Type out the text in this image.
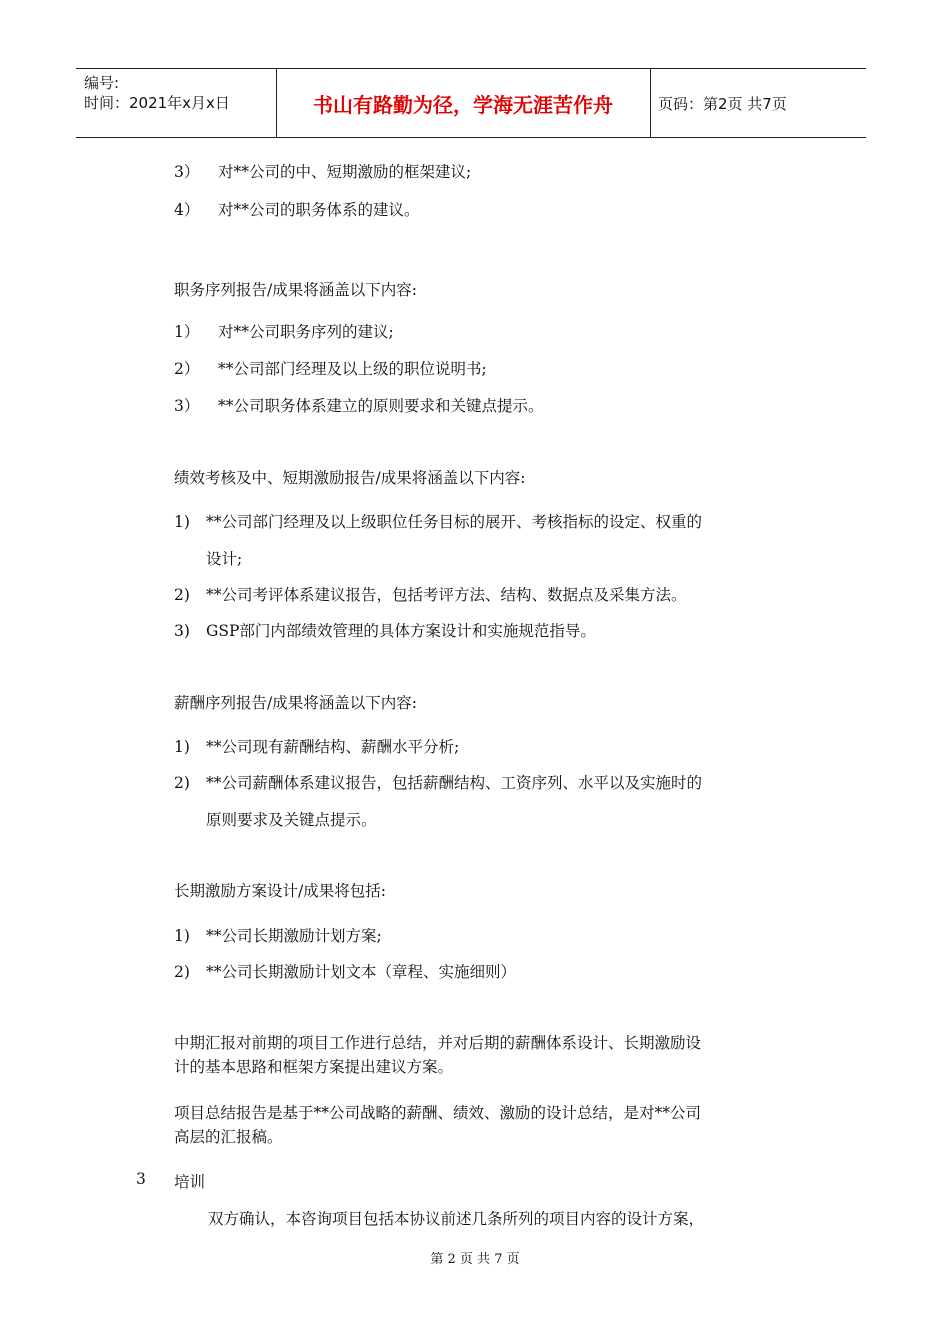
编号:
时间：2021年x月x日	书山有路勤为径，学海无涯苦作舟	页码：第2页 共7页
3） 对**公司的中、短期激励的框架建议;
4） 对**公司的职务体系的建议。
职务序列报告/成果将涵盖以下内容:
1） 对**公司职务序列的建议;
2） **公司部门经理及以上级的职位说明书;
3） **公司职务体系建立的原则要求和关键点提示。
绩效考核及中、短期激励报告/成果将涵盖以下内容:
1) **公司部门经理及以上级职位任务目标的展开、考核指标的设定、权重的
设计;
2) **公司考评体系建议报告，包括考评方法、结构、数据点及采集方法。
3) GSP部门内部绩效管理的具体方案设计和实施规范指导。
薪酬序列报告/成果将涵盖以下内容:
1) **公司现有薪酬结构、薪酬水平分析;
2) **公司薪酬体系建议报告，包括薪酬结构、工资序列、水平以及实施时的
原则要求及关键点提示。
长期激励方案设计/成果将包括:
1) **公司长期激励计划方案;
2) **公司长期激励计划文本（章程、实施细则）
中期汇报对前期的项目工作进行总结，并对后期的薪酬体系设计、长期激励设
计的基本思路和框架方案提出建议方案。
项目总结报告是基于**公司战略的薪酬、绩效、激励的设计总结，是对**公司
高层的汇报稿。
3 培训
双方确认，本咨询项目包括本协议前述几条所列的项目内容的设计方案，
第 2 页 共 7 页
